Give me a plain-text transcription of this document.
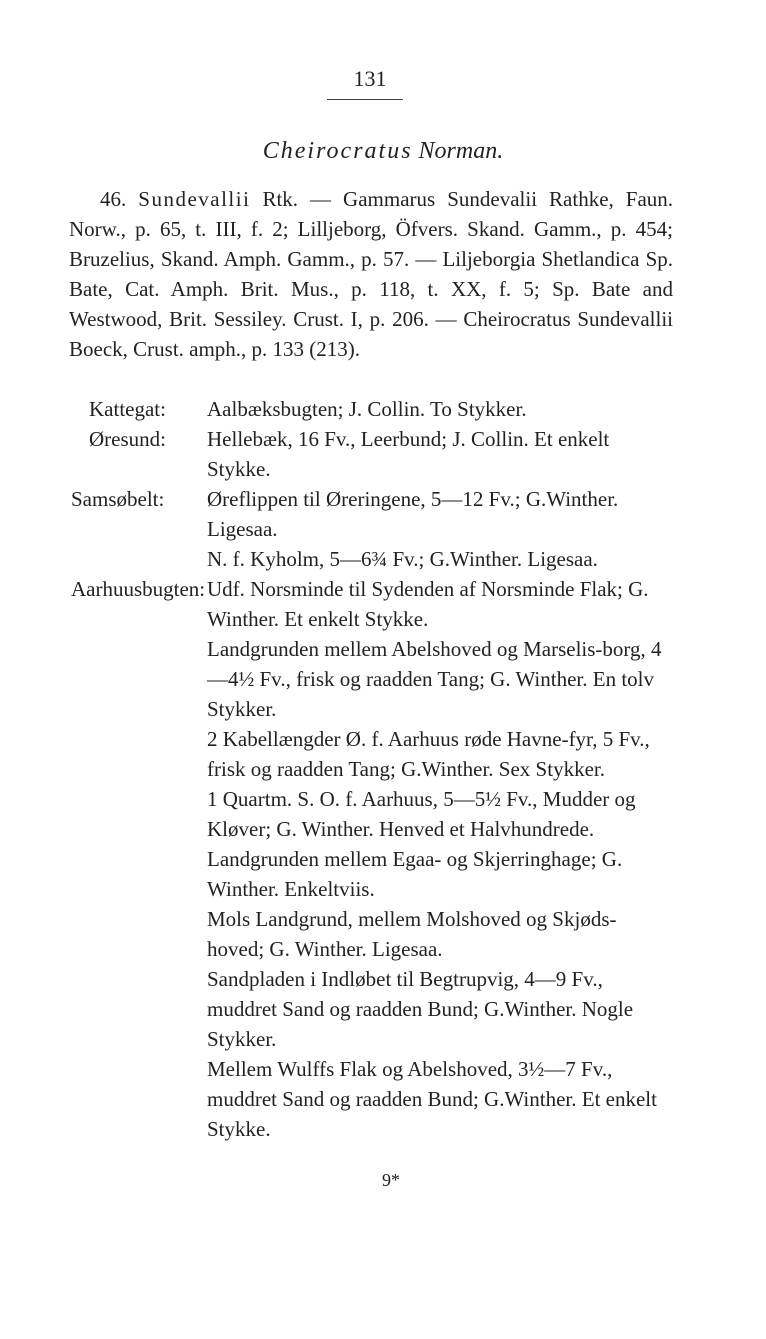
131
Cheirocratus Norman.

46. Sundevallii Rtk. — Gammarus Sundevalii Rathke, Faun. Norw., p. 65, t. III, f. 2; Lilljeborg, Öfvers. Skand. Gamm., p. 454; Bruzelius, Skand. Amph. Gamm., p. 57. — Liljeborgia Shetlandica Sp. Bate, Cat. Amph. Brit. Mus., p. 118, t. XX, f. 5; Sp. Bate and Westwood, Brit. Sessiley. Crust. I, p. 206. — Cheirocratus Sundevallii Boeck, Crust. amph., p. 133 (213).

Kattegat: Aalbæksbugten; J. Collin. To Stykker.

Øresund: Hellebæk, 16 Fv., Leerbund; J. Collin. Et enkelt Stykke.

Samsøbelt: Øreflippen til Øreringene, 5—12 Fv.; G.Winther. Ligesaa.

N. f. Kyholm, 5—6¾ Fv.; G.Winther. Ligesaa.

Aarhuusbugten: Udf. Norsminde til Sydenden af Norsminde Flak; G. Winther. Et enkelt Stykke.

Landgrunden mellem Abelshoved og Marselis-borg, 4—4½ Fv., frisk og raadden Tang; G. Winther. En tolv Stykker.

2 Kabellængder Ø. f. Aarhuus røde Havne-fyr, 5 Fv., frisk og raadden Tang; G.Winther. Sex Stykker.

1 Quartm. S. O. f. Aarhuus, 5—5½ Fv., Mudder og Kløver; G. Winther. Henved et Halvhundrede.

Landgrunden mellem Egaa- og Skjerringhage; G. Winther. Enkeltviis.

Mols Landgrund, mellem Molshoved og Skjøds-hoved; G. Winther. Ligesaa.

Sandpladen i Indløbet til Begtrupvig, 4—9 Fv., muddret Sand og raadden Bund; G.Winther. Nogle Stykker.

Mellem Wulffs Flak og Abelshoved, 3½—7 Fv., muddret Sand og raadden Bund; G.Winther. Et enkelt Stykke.

9*
